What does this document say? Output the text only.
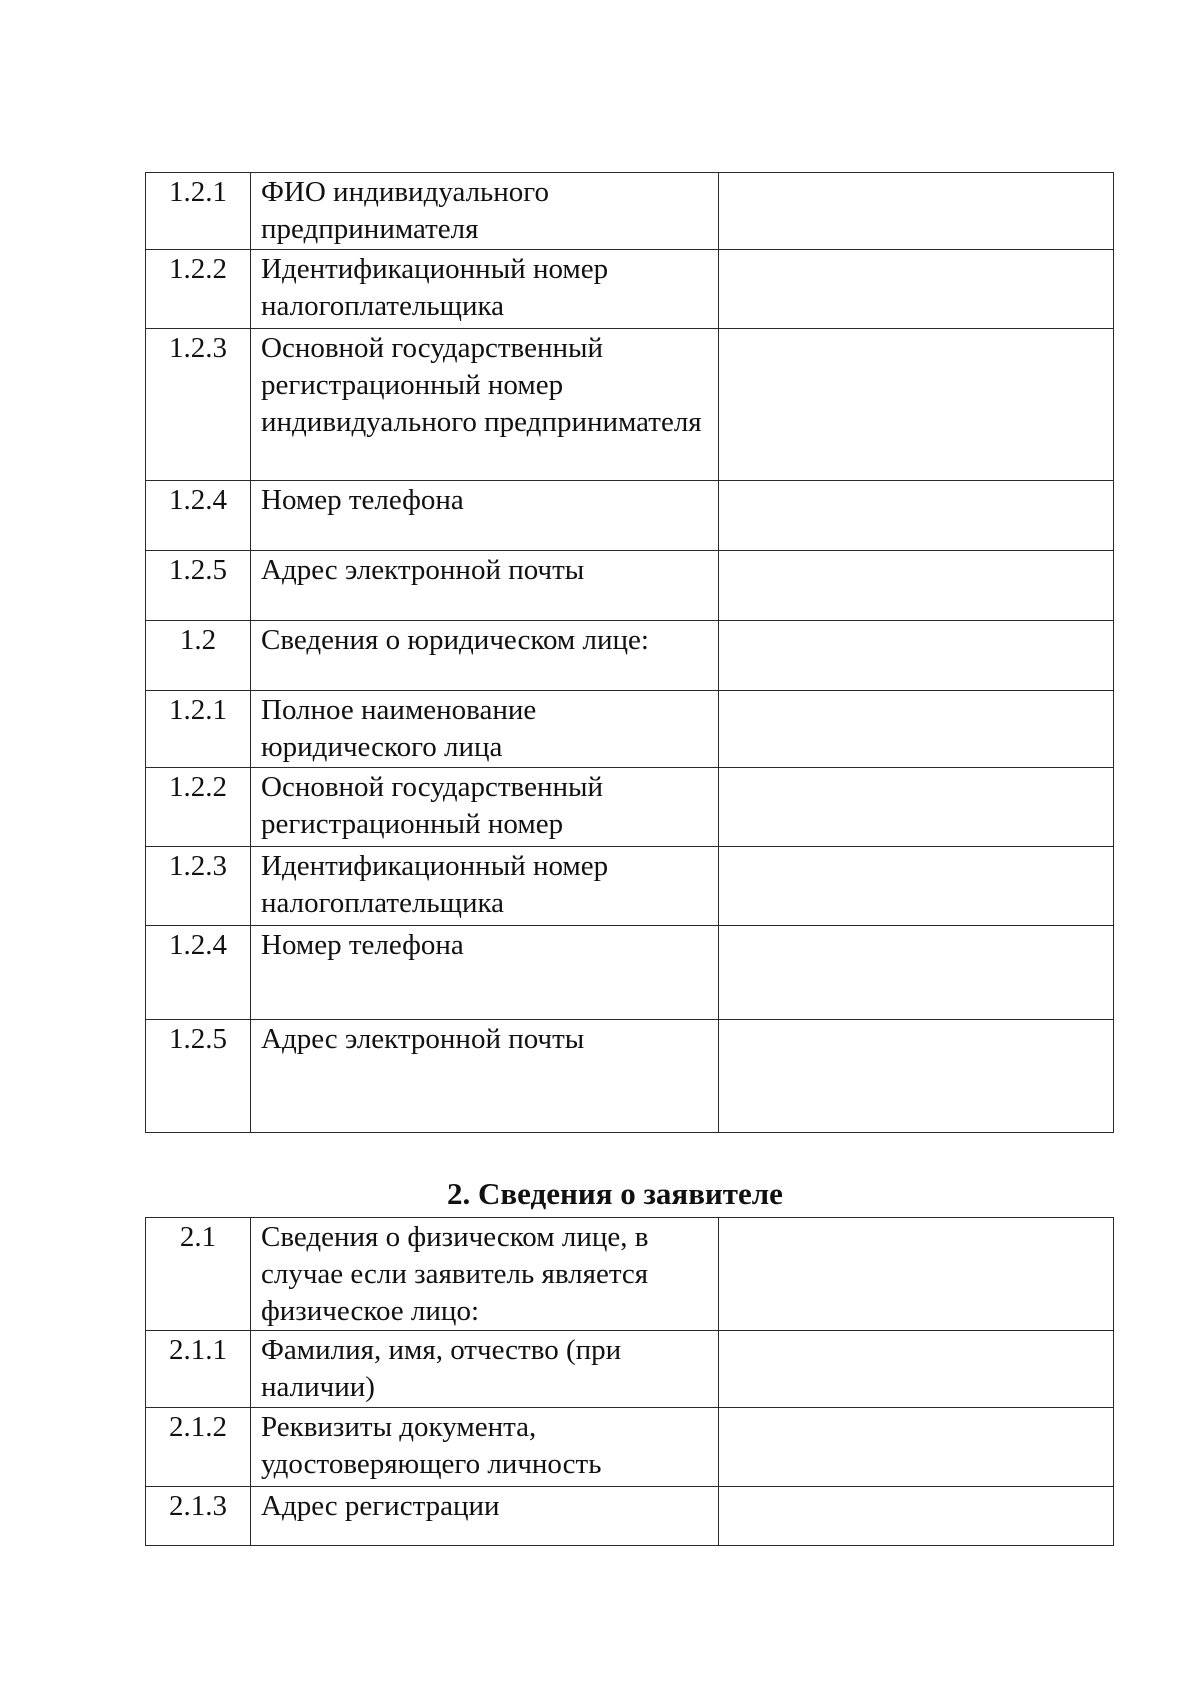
1.2.1	ФИО индивидуального предпринимателя	
1.2.2	Идентификационный номер налогоплательщика	
1.2.3	Основной государственный регистрационный номер индивидуального предпринимателя	
1.2.4	Номер телефона	
1.2.5	Адрес электронной почты	
1.2	Сведения о юридическом лице:	
1.2.1	Полное наименование юридического лица	
1.2.2	Основной государственный регистрационный номер	
1.2.3	Идентификационный номер налогоплательщика	
1.2.4	Номер телефона	
1.2.5	Адрес электронной почты	
2. Сведения о заявителе
2.1	Сведения о физическом лице, в случае если заявитель является физическое лицо:	
2.1.1	Фамилия, имя, отчество (при наличии)	
2.1.2	Реквизиты документа, удостоверяющего личность	
2.1.3	Адрес регистрации	
